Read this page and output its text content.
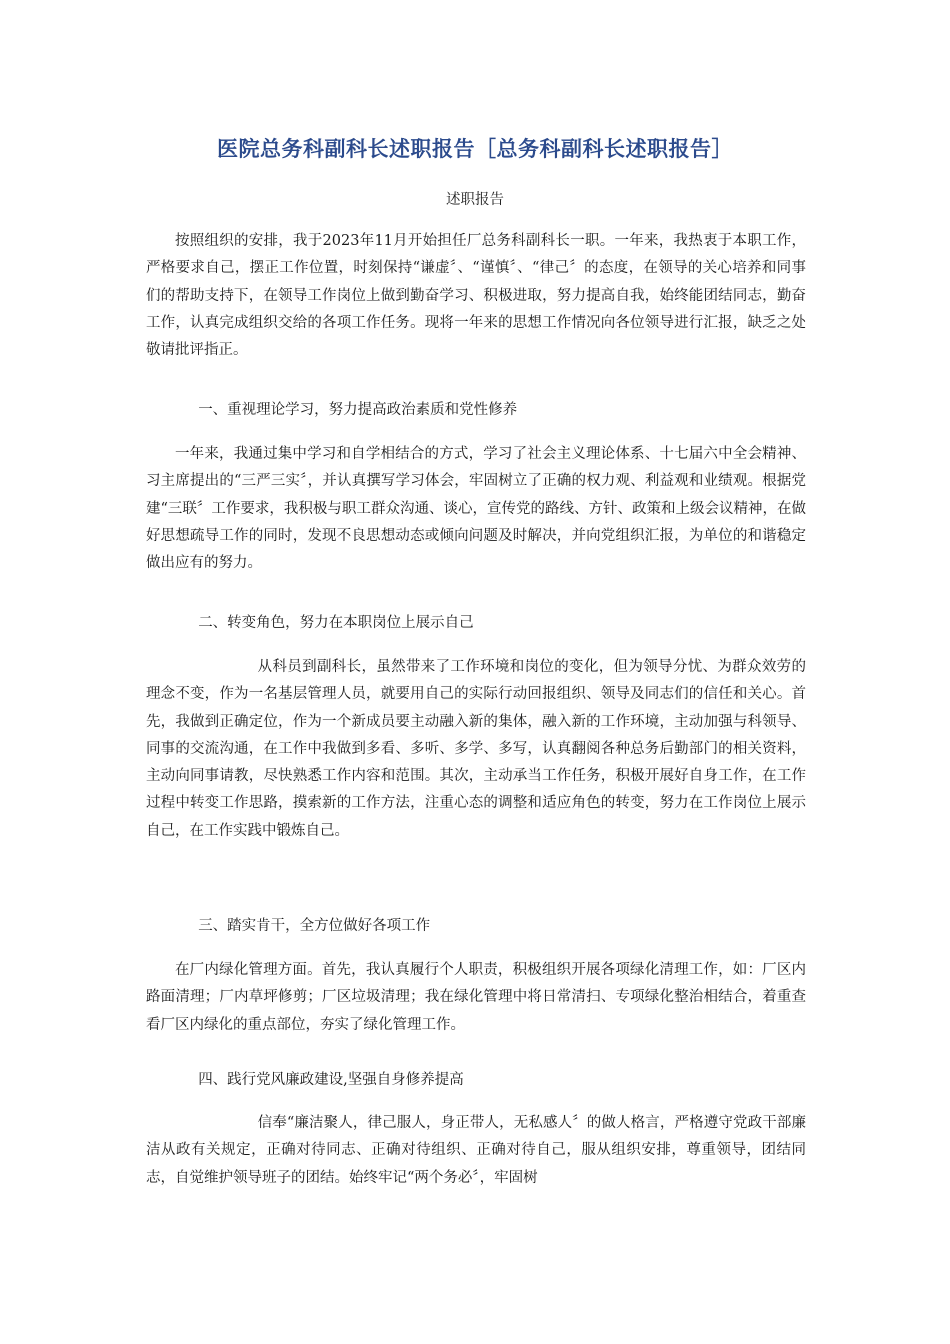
医院总务科副科长述职报告［总务科副科长述职报告］
述职报告

按照组织的安排，我于2023年11月开始担任厂总务科副科长一职。一年来，我热衷于本职工作，严格要求自己，摆正工作位置，时刻保持“谦虚〞、“谨慎〞、“律己〞的态度，在领导的关心培养和同事们的帮助支持下，在领导工作岗位上做到勤奋学习、积极进取，努力提高自我，始终能团结同志，勤奋工作，认真完成组织交给的各项工作任务。现将一年来的思想工作情况向各位领导进行汇报，缺乏之处敬请批评指正。

一、重视理论学习，努力提高政治素质和党性修养

一年来，我通过集中学习和自学相结合的方式，学习了社会主义理论体系、十七届六中全会精神、习主席提出的“三严三实〞，并认真撰写学习体会，牢固树立了正确的权力观、利益观和业绩观。根据党建“三联〞工作要求，我积极与职工群众沟通、谈心，宣传党的路线、方针、政策和上级会议精神，在做好思想疏导工作的同时，发现不良思想动态或倾向问题及时解决，并向党组织汇报，为单位的和谐稳定做出应有的努力。

二、转变角色，努力在本职岗位上展示自己

从科员到副科长，虽然带来了工作环境和岗位的变化，但为领导分忧、为群众效劳的理念不变，作为一名基层管理人员，就要用自己的实际行动回报组织、领导及同志们的信任和关心。首先，我做到正确定位，作为一个新成员要主动融入新的集体，融入新的工作环境，主动加强与科领导、同事的交流沟通，在工作中我做到多看、多听、多学、多写，认真翻阅各种总务后勤部门的相关资料，主动向同事请教，尽快熟悉工作内容和范围。其次，主动承当工作任务，积极开展好自身工作，在工作过程中转变工作思路，摸索新的工作方法，注重心态的调整和适应角色的转变，努力在工作岗位上展示自己，在工作实践中锻炼自己。

三、踏实肯干，全方位做好各项工作

在厂内绿化管理方面。首先，我认真履行个人职责，积极组织开展各项绿化清理工作，如：厂区内路面清理；厂内草坪修剪；厂区垃圾清理；我在绿化管理中将日常清扫、专项绿化整治相结合，着重查看厂区内绿化的重点部位，夯实了绿化管理工作。

四、践行党风廉政建设,坚强自身修养提高

信奉“廉洁聚人，律己服人，身正带人，无私感人〞的做人格言，严格遵守党政干部廉洁从政有关规定，正确对待同志、正确对待组织、正确对待自己，服从组织安排，尊重领导，团结同志，自觉维护领导班子的团结。始终牢记“两个务必〞，牢固树
